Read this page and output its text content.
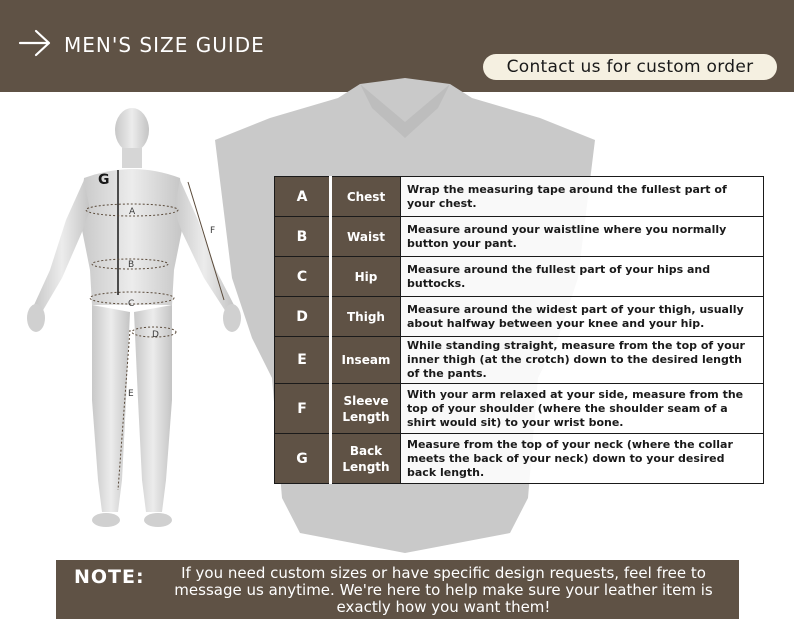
MEN'S SIZE GUIDE
Contact us for custom order
G
A
B
C
D
E
F
A	Chest	Wrap the measuring tape around the fullest part of your chest.
B	Waist	Measure around your waistline where you normally button your pant.
C	Hip	Measure around the fullest part of your hips and buttocks.
D	Thigh	Measure around the widest part of your thigh, usually about halfway between your knee and your hip.
E	Inseam	While standing straight, measure from the top of your inner thigh (at the crotch) down to the desired length of the pants.
F	Sleeve Length	With your arm relaxed at your side, measure from the top of your shoulder (where the shoulder seam of a shirt would sit) to your wrist bone.
G	Back Length	Measure from the top of your neck (where the collar meets the back of your neck) down to your desired back length.
NOTE:	If you need custom sizes or have specific design requests, feel free to message us anytime. We're here to help make sure your leather item is exactly how you want them!
